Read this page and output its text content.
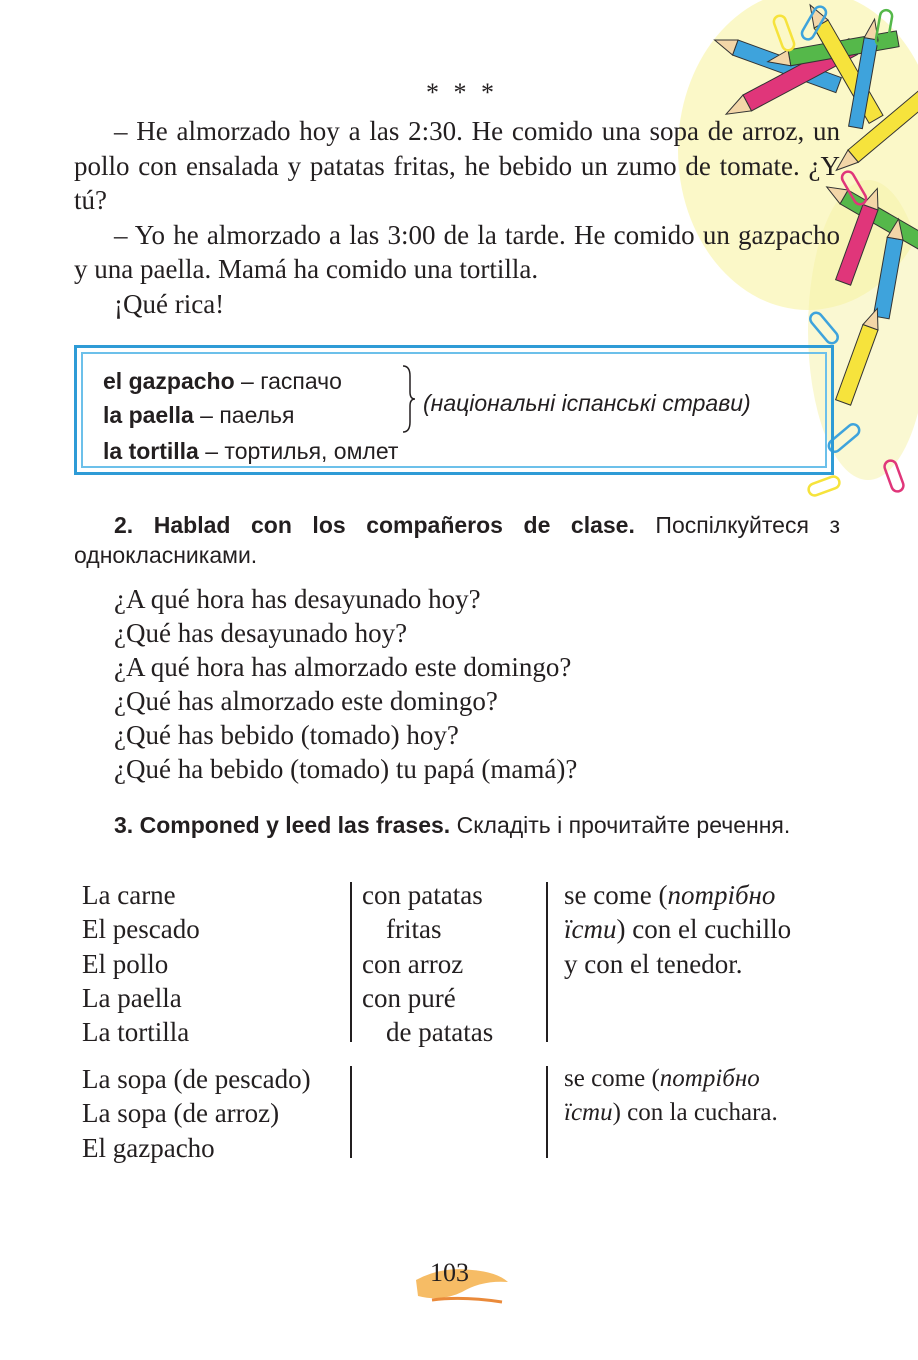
* * *

– He almorzado hoy a las 2:30. He comido una sopa de arroz, un pollo con ensalada y patatas fritas, he bebido un zumo de tomate. ¿Y tú?

– Yo he almorzado a las 3:00 de la tarde. He comido un gazpacho y una paella. Mamá ha comido una tortilla.

¡Qué rica!

el gazpacho – гаспачо
la paella – паелья
la tortilla – тортилья, омлет
(національні іспанські страви)

2. Hablad con los compañeros de clase. Поспілкуйтеся з однокласниками.

¿A qué hora has desayunado hoy?
¿Qué has desayunado hoy?
¿A qué hora has almorzado este domingo?
¿Qué has almorzado este domingo?
¿Qué has bebido (tomado) hoy?
¿Qué ha bebido (tomado) tu papá (mamá)?

3. Componed y leed las frases. Складіть і прочитайте речення.

La carne
El pescado
El pollo
La paella
La tortilla
con patatas
fritas
con arroz
con puré
de patatas
se come (потрібно
їсти) con el cuchillo
y con el tenedor.
La sopa (de pescado)
La sopa (de arroz)
El gazpacho
se come (потрібно
їсти) con la cuchara.
103
